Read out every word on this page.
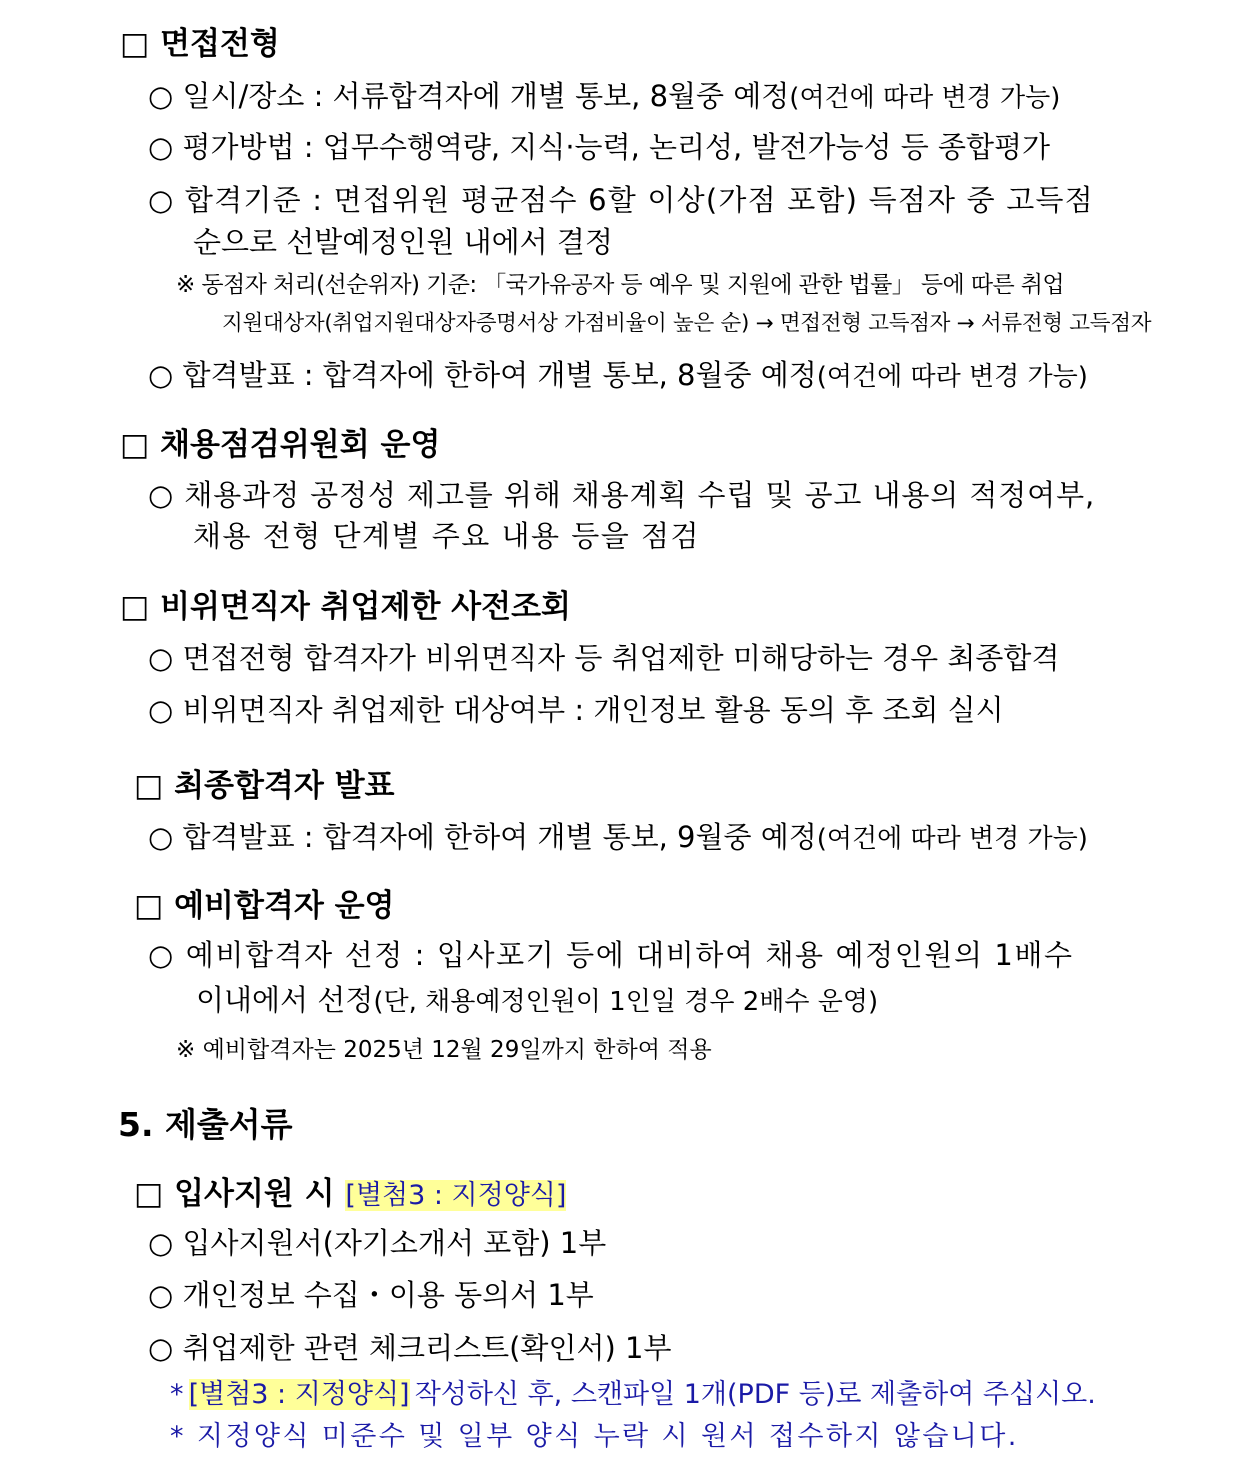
□ 면접전형
○ 일시/장소 : 서류합격자에 개별 통보, 8월중 예정(여건에 따라 변경 가능)
○ 평가방법 : 업무수행역량, 지식·능력, 논리성, 발전가능성 등 종합평가
○ 합격기준 : 면접위원 평균점수 6할 이상(가점 포함) 득점자 중 고득점
순으로 선발예정인원 내에서 결정
※ 동점자 처리(선순위자) 기준: 「국가유공자 등 예우 및 지원에 관한 법률」 등에 따른 취업
지원대상자(취업지원대상자증명서상 가점비율이 높은 순) → 면접전형 고득점자 → 서류전형 고득점자
○ 합격발표 : 합격자에 한하여 개별 통보, 8월중 예정(여건에 따라 변경 가능)
□ 채용점검위원회 운영
○ 채용과정 공정성 제고를 위해 채용계획 수립 및 공고 내용의 적정여부,
채용 전형 단계별 주요 내용 등을 점검
□ 비위면직자 취업제한 사전조회
○ 면접전형 합격자가 비위면직자 등 취업제한 미해당하는 경우 최종합격
○ 비위면직자 취업제한 대상여부 : 개인정보 활용 동의 후 조회 실시
□ 최종합격자 발표
○ 합격발표 : 합격자에 한하여 개별 통보, 9월중 예정(여건에 따라 변경 가능)
□ 예비합격자 운영
○ 예비합격자 선정 : 입사포기 등에 대비하여 채용 예정인원의 1배수
이내에서 선정(단, 채용예정인원이 1인일 경우 2배수 운영)
※ 예비합격자는 2025년 12월 29일까지 한하여 적용
5. 제출서류
□ 입사지원 시 [별첨3 : 지정양식]
○ 입사지원서(자기소개서 포함) 1부
○ 개인정보 수집・이용 동의서 1부
○ 취업제한 관련 체크리스트(확인서) 1부
* [별첨3 : 지정양식] 작성하신 후, 스캔파일 1개(PDF 등)로 제출하여 주십시오.
* 지정양식 미준수 및 일부 양식 누락 시 원서 접수하지 않습니다.
